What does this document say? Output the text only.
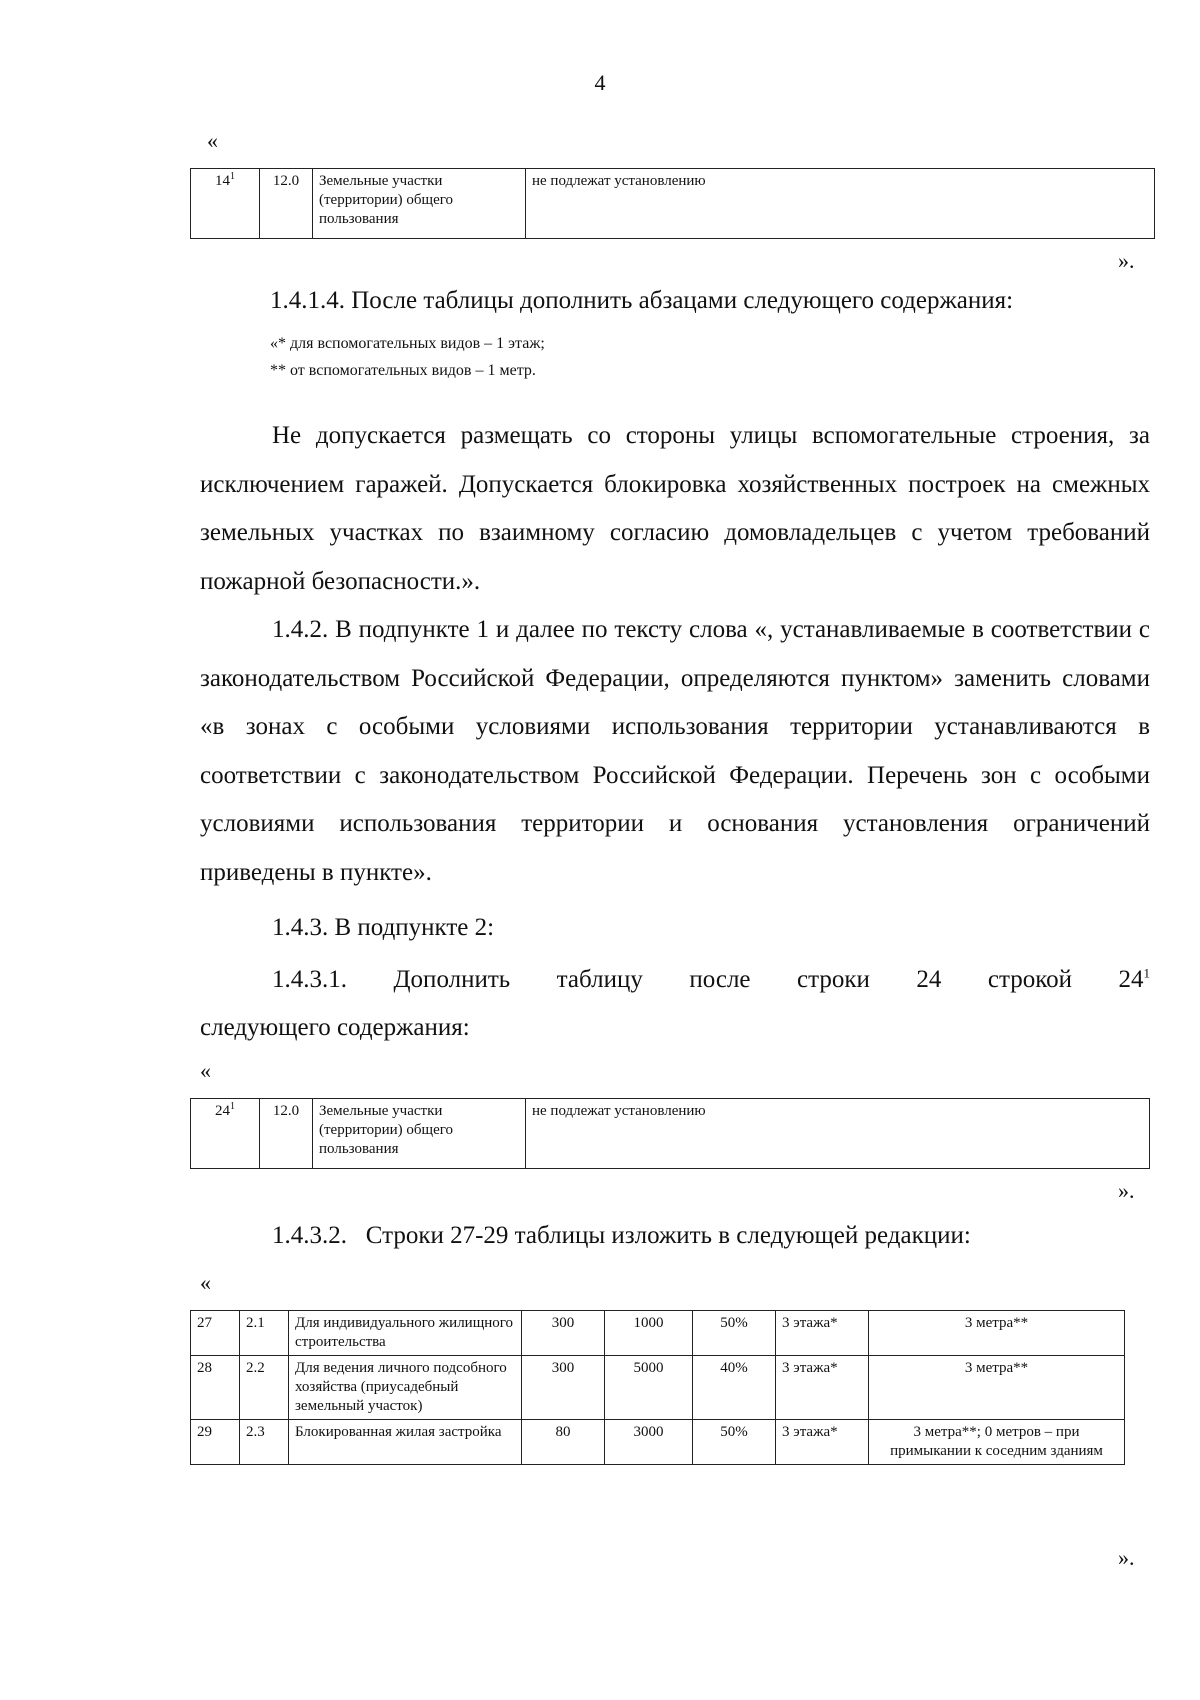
4
«
$14^1$	12.0	Земельные участки (территории) общего пользования	не подлежат установлению
».
1.4.1.4. После таблицы дополнить абзацами следующего содержания:
«* для вспомогательных видов – 1 этаж;
** от вспомогательных видов – 1 метр.
Не допускается размещать со стороны улицы вспомогательные строения, за исключением гаражей. Допускается блокировка хозяйственных построек на смежных земельных участках по взаимному согласию домовладельцев с учетом требований пожарной безопасности.».
1.4.2. В подпункте 1 и далее по тексту слова «, устанавливаемые в соответствии с законодательством Российской Федерации, определяются пунктом» заменить словами «в зонах с особыми условиями использования территории устанавливаются в соответствии с законодательством Российской Федерации. Перечень зон с особыми условиями использования территории и основания установления ограничений приведены в пункте».
1.4.3. В подпункте 2:
1.4.3.1. Дополнить таблицу после строки 24 строкой $24^1$
следующего содержания:
«
$24^1$	12.0	Земельные участки (территории) общего пользования	не подлежат установлению
».
1.4.3.2.   Строки 27-29 таблицы изложить в следующей редакции:
«
27	2.1	Для индивидуального жилищного строительства	300	1000	50%	3 этажа*	3 метра**
28	2.2	Для ведения личного подсобного хозяйства (приусадебный земельный участок)	300	5000	40%	3 этажа*	3 метра**
29	2.3	Блокированная жилая застройка	80	3000	50%	3 этажа*	3 метра**; 0 метров – при примыкании к соседним зданиям
».
